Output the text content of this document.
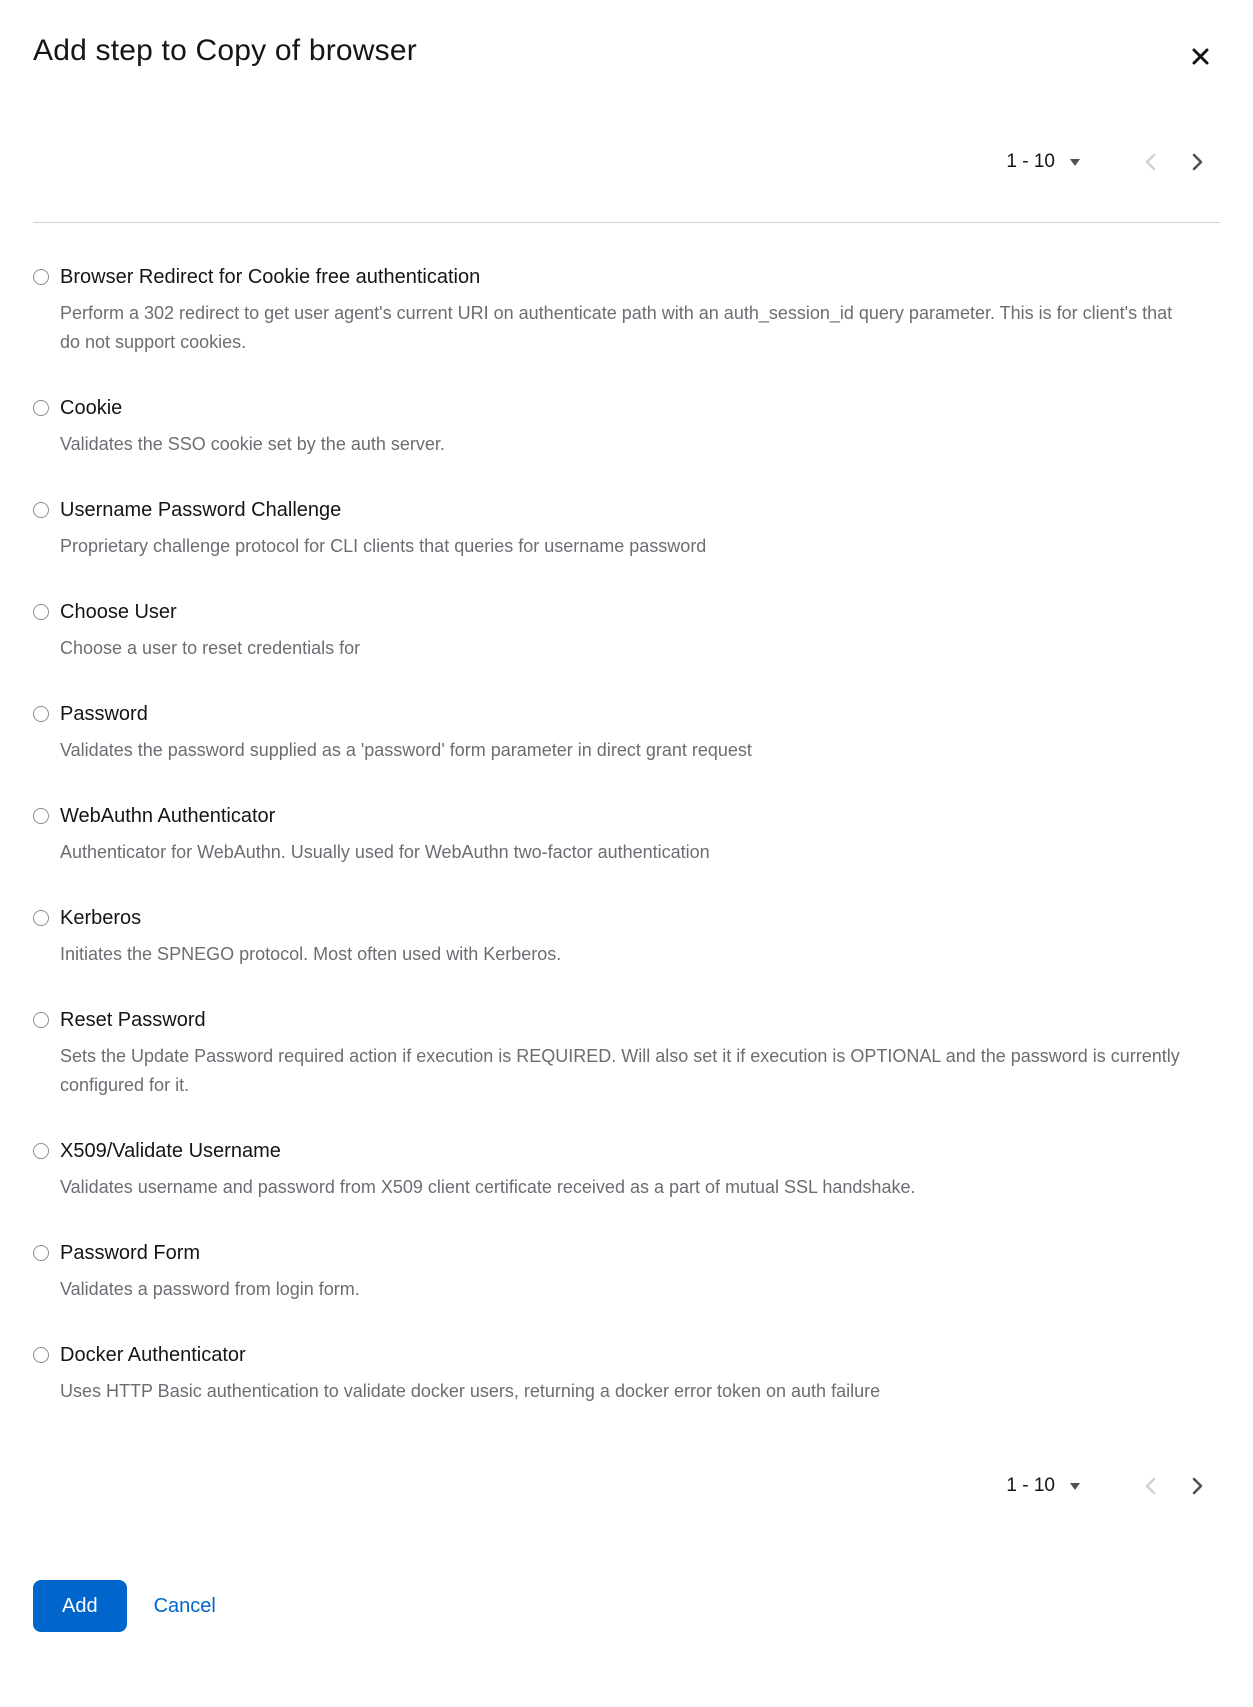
Add step to Copy of browser
1 - 10
Browser Redirect for Cookie free authentication
Perform a 302 redirect to get user agent's current URI on authenticate path with an auth_session_id query parameter. This is for client's that do not support cookies.
Cookie
Validates the SSO cookie set by the auth server.
Username Password Challenge
Proprietary challenge protocol for CLI clients that queries for username password
Choose User
Choose a user to reset credentials for
Password
Validates the password supplied as a 'password' form parameter in direct grant request
WebAuthn Authenticator
Authenticator for WebAuthn. Usually used for WebAuthn two-factor authentication
Kerberos
Initiates the SPNEGO protocol. Most often used with Kerberos.
Reset Password
Sets the Update Password required action if execution is REQUIRED. Will also set it if execution is OPTIONAL and the password is currently configured for it.
X509/Validate Username
Validates username and password from X509 client certificate received as a part of mutual SSL handshake.
Password Form
Validates a password from login form.
Docker Authenticator
Uses HTTP Basic authentication to validate docker users, returning a docker error token on auth failure
1 - 10
Add	Cancel
